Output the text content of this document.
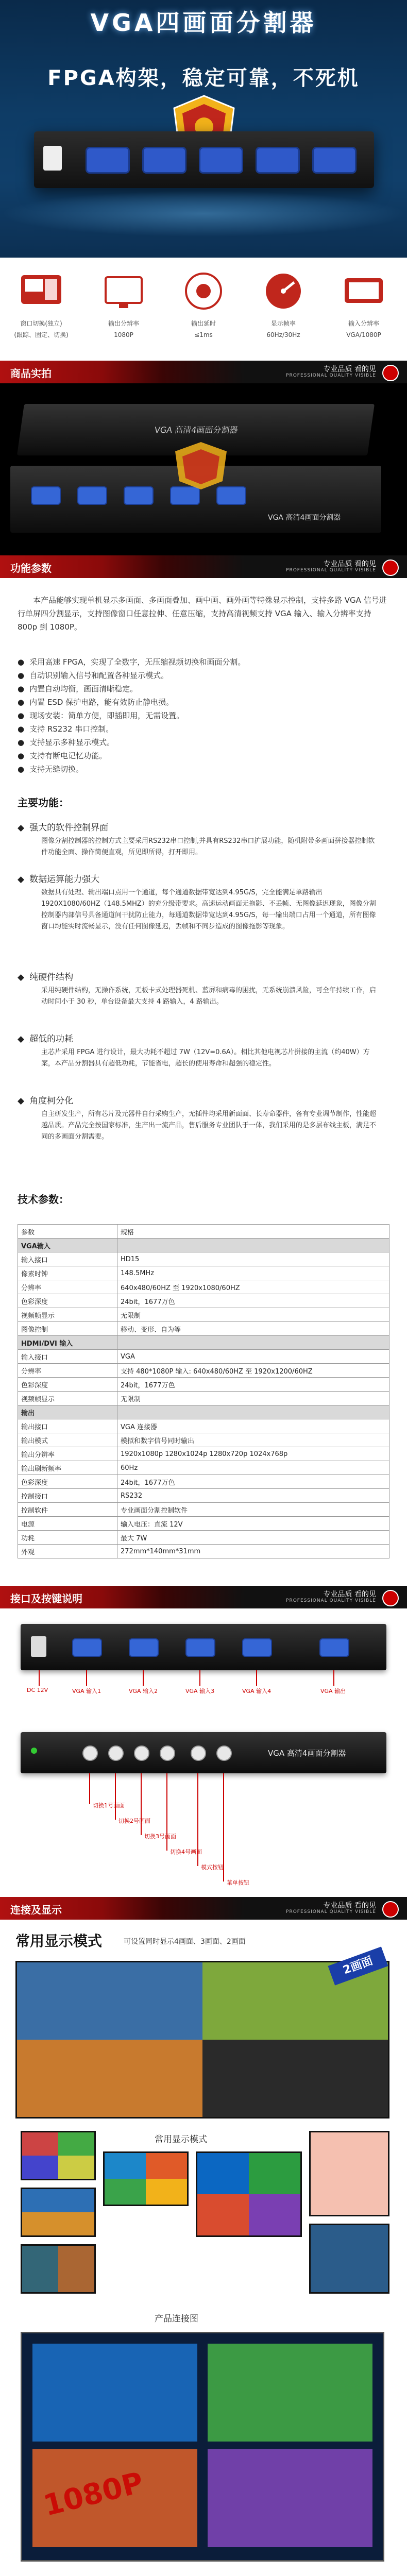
VGA四画面分割器
FPGA构架，稳定可靠，不死机
窗口切换(独立)
(跟踪、固定、切换)
输出分辨率
1080P
输出延时
≤1ms
显示帧率
60Hz/30Hz
输入分辨率
VGA/1080P
商品实拍	专业品质 看的见
PROFESSIONAL QUALITY VISIBLE
VGA 高清4画面分割器
VGA 高清4画面分割器
功能参数	专业品质 看的见
PROFESSIONAL QUALITY VISIBLE
本产品能够实现单机显示多画面、多画面叠加、画中画、画外画等特殊显示控制，支持多路 VGA 信号进行单屏四分割显示，支持图像窗口任意拉伸、任意压缩，支持高清视频支持 VGA 输入、输入分辨率支持 800p 到 1080P。
● 采用高速 FPGA，实现了全数字，无压缩视频切换和画面分割。
● 自动识别输入信号和配置各种显示模式。
● 内置自动均衡，画面清晰稳定。
● 内置 ESD 保护电路，能有效防止静电损。
● 现场安装：简单方便，即插即用，无需设置。
● 支持 RS232 串口控制。
● 支持显示多种显示模式。
● 支持有断电记忆功能。
● 支持无缝切换。
主要功能：
◆ 强大的软件控制界面
图像分割控制器的控制方式主要采用RS232串口控制,并具有RS232串口扩展功能，随机附带多画面拼接器控制软件功能全面、操作简便直观，所见即所得，打开即用。
◆ 数据运算能力强大
数据具有处理、输出端口点用一个通道，每个通道数据带宽达到4.95G/S，完全能满足单路输出 1920X1080/60HZ（148.5MHZ）的充分级带要求。高速运动画面无拖影、不丢帧、无图像延迟现象，图像分割控制器内部信号具备通道间干扰防止能力，每通道数据带宽达到4.95G/S，每一输出端口占用一个通道，所有图像窗口均能实时流畅显示，没有任何图像延迟，丢帧和不同步造成的图像拖影等现象。
◆ 纯硬件结构
采用纯硬件结构，无操作系统，无板卡式处理器死机、蓝屏和病毒的困扰，无系统崩溃风险，可全年持续工作，启动时间小于 30 秒，单台设备最大支持 4 路输入，4 路输出。
◆ 超低的功耗
主芯片采用 FPGA 进行设计，最大功耗不超过 7W（12V=0.6A）。相比其他电视芯片拼接的主流（约40W）方案，本产品分割器具有超低功耗，节能省电，超长的使用寿命和超强的稳定性。
◆ 角度柯分化
自主研发生产，所有芯片及元器件自行采购生产，无插件均采用新面面、长寿命器件，备有专业调节制作，性能超越品质。产品完全按国家标准，生产出一流产品，售后服务专业团队于一体，我们采用的是多层布线主板，满足不同的多画面分割需要。
技术参数：
参数	规格
VGA输入	
输入接口	HD15
像素时钟	148.5MHz
分辨率	640x480/60HZ 至 1920x1080/60HZ
色彩深度	24bit，1677万色
视频帧显示	无限制
图像控制	移动、变形、自为等
HDMI/DVI 输入	
输入接口	VGA
分辨率	支持 480*1080P 输入: 640x480/60HZ 至 1920x1200/60HZ
色彩深度	24bit，1677万色
视频帧显示	无限制
输出	
输出接口	VGA 连接器
输出模式	模拟和数字信号同时输出
输出分辨率	1920x1080p 1280x1024p 1280x720p 1024x768p
输出刷新频率	60Hz
色彩深度	24bit，1677万色
控制接口	RS232
控制软件	专业画面分割控制软件
电源	输入电压：直流 12V
功耗	最大 7W
外观	272mm*140mm*31mm
接口及按键说明	专业品质 看的见
PROFESSIONAL QUALITY VISIBLE
DC 12V	VGA 输入1	VGA 输入2	VGA 输入3	VGA 输入4	VGA 输出
VGA 高清4画面分割器
1	2	3	4
切换1号画面
切换2号画面
切换3号画面
切换4号画面
模式按钮
菜单按钮
连接及显示	专业品质 看的见
PROFESSIONAL QUALITY VISIBLE
常用显示模式	可设置同时显示4画面、3画面、2画面
2画面
常用显示模式
产品连接图
1080P
